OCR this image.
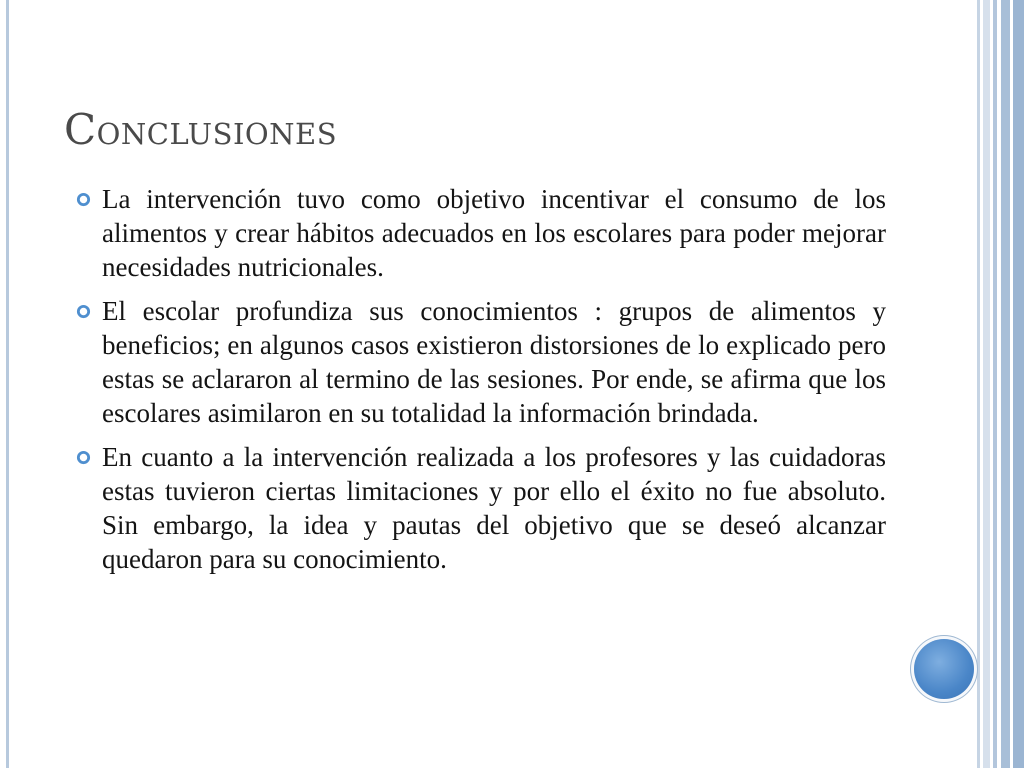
Conclusiones
La intervención tuvo como objetivo incentivar el consumo de los alimentos y crear hábitos adecuados en los escolares para poder mejorar necesidades nutricionales.
El escolar profundiza sus conocimientos : grupos de alimentos y beneficios; en algunos casos existieron distorsiones de lo explicado pero estas se aclararon al termino de las sesiones. Por ende, se afirma que los escolares asimilaron en su totalidad la información brindada.
En cuanto a la intervención realizada a los profesores y las cuidadoras estas tuvieron ciertas limitaciones y por ello el éxito no fue absoluto. Sin embargo, la idea y pautas del objetivo que se deseó alcanzar quedaron para su conocimiento.
